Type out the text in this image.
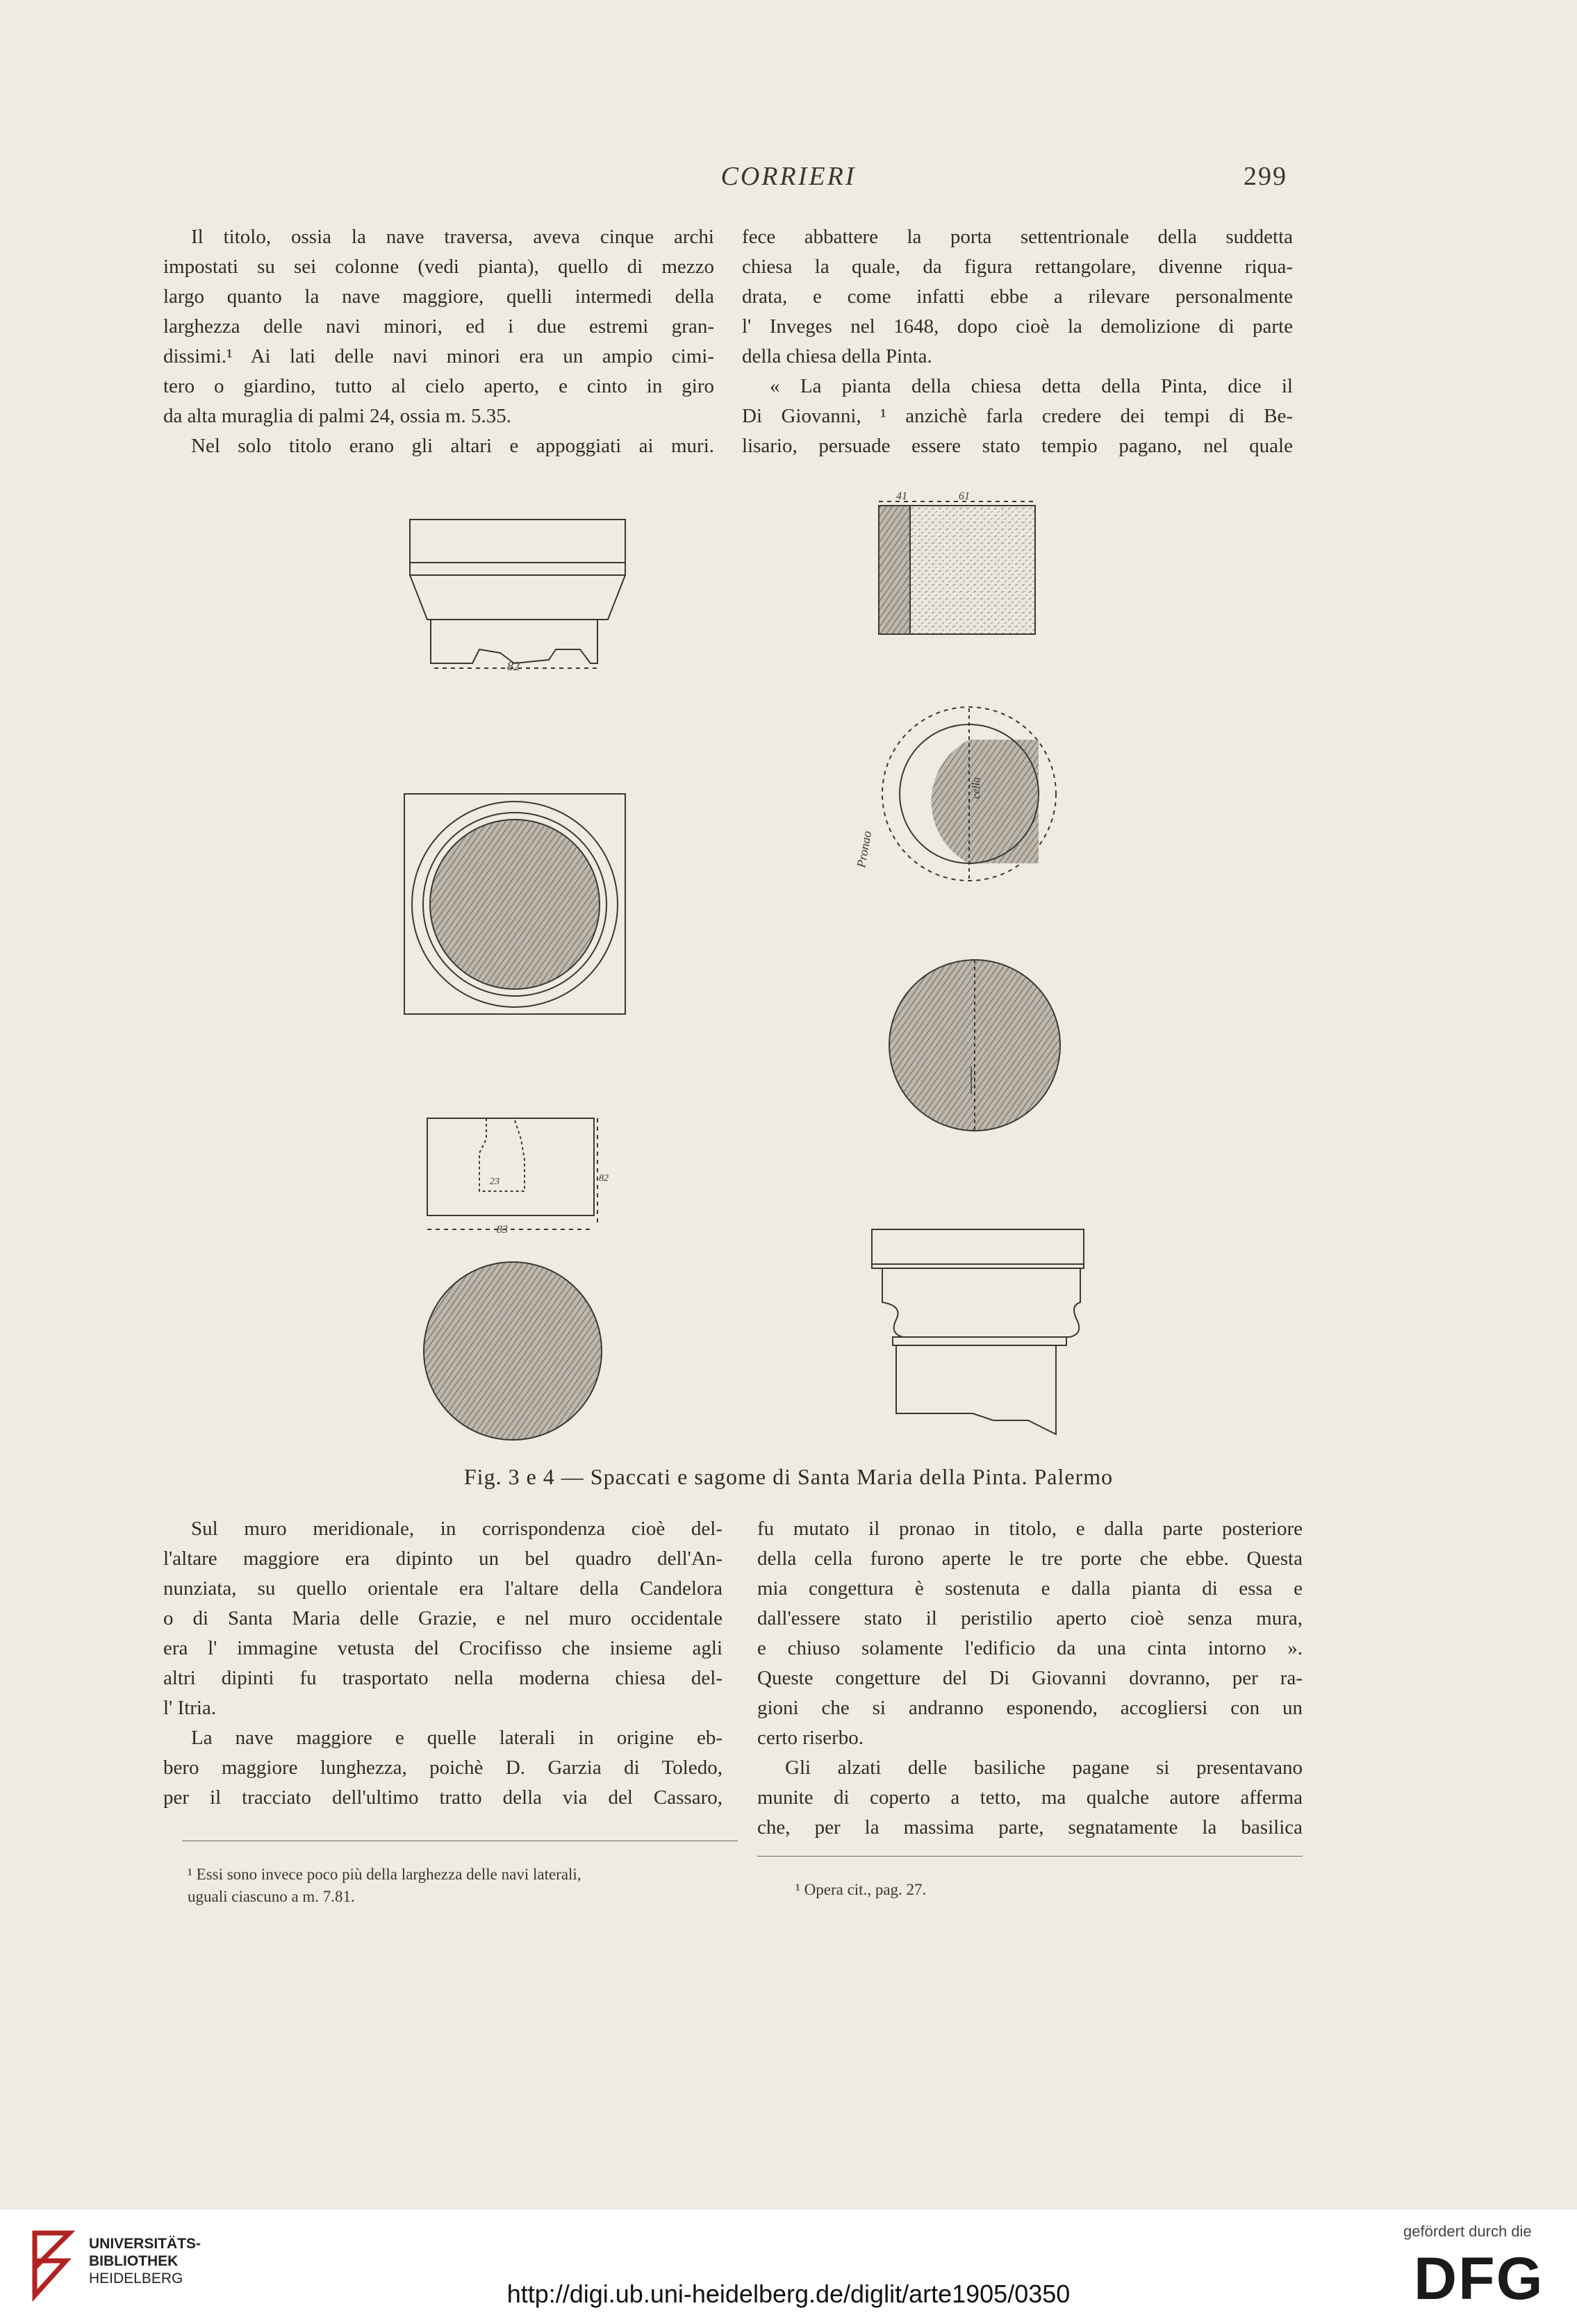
CORRIERI	299
Il titolo, ossia la nave traversa, aveva cinque archi
impostati su sei colonne (vedi pianta), quello di mezzo
largo quanto la nave maggiore, quelli intermedi della
larghezza delle navi minori, ed i due estremi gran-
dissimi.¹ Ai lati delle navi minori era un ampio cimi-
tero o giardino, tutto al cielo aperto, e cinto in giro
da alta muraglia di palmi 24, ossia m. 5.35.
Nel solo titolo erano gli altari e appoggiati ai muri.
fece abbattere la porta settentrionale della suddetta
chiesa la quale, da figura rettangolare, divenne riqua-
drata, e come infatti ebbe a rilevare personalmente
l' Inveges nel 1648, dopo cioè la demolizione di parte
della chiesa della Pinta.
« La pianta della chiesa detta della Pinta, dice il
Di Giovanni, ¹ anzichè farla credere dei tempi di Be-
lisario, persuade essere stato tempio pagano, nel quale
82
83
23	82
61
41
Pronao
cella
Fig. 3 e 4 — Spaccati e sagome di Santa Maria della Pinta. Palermo
Sul muro meridionale, in corrispondenza cioè del-
l'altare maggiore era dipinto un bel quadro dell'An-
nunziata, su quello orientale era l'altare della Candelora
o di Santa Maria delle Grazie, e nel muro occidentale
era l' immagine vetusta del Crocifisso che insieme agli
altri dipinti fu trasportato nella moderna chiesa del-
l' Itria.
La nave maggiore e quelle laterali in origine eb-
bero maggiore lunghezza, poichè D. Garzia di Toledo,
per il tracciato dell'ultimo tratto della via del Cassaro,
fu mutato il pronao in titolo, e dalla parte posteriore
della cella furono aperte le tre porte che ebbe. Questa
mia congettura è sostenuta e dalla pianta di essa e
dall'essere stato il peristilio aperto cioè senza mura,
e chiuso solamente l'edificio da una cinta intorno ».
Queste congetture del Di Giovanni dovranno, per ra-
gioni che si andranno esponendo, accogliersi con un
certo riserbo.
Gli alzati delle basiliche pagane si presentavano
munite di coperto a tetto, ma qualche autore afferma
che, per la massima parte, segnatamente la basilica
¹ Essi sono invece poco più della larghezza delle navi laterali,
uguali ciascuno a m. 7.81.	¹ Opera cit., pag. 27.
UNIVERSITÄTS-
BIBLIOTHEK
HEIDELBERG
http://digi.ub.uni-heidelberg.de/diglit/arte1905/0350
gefördert durch die
DFG
